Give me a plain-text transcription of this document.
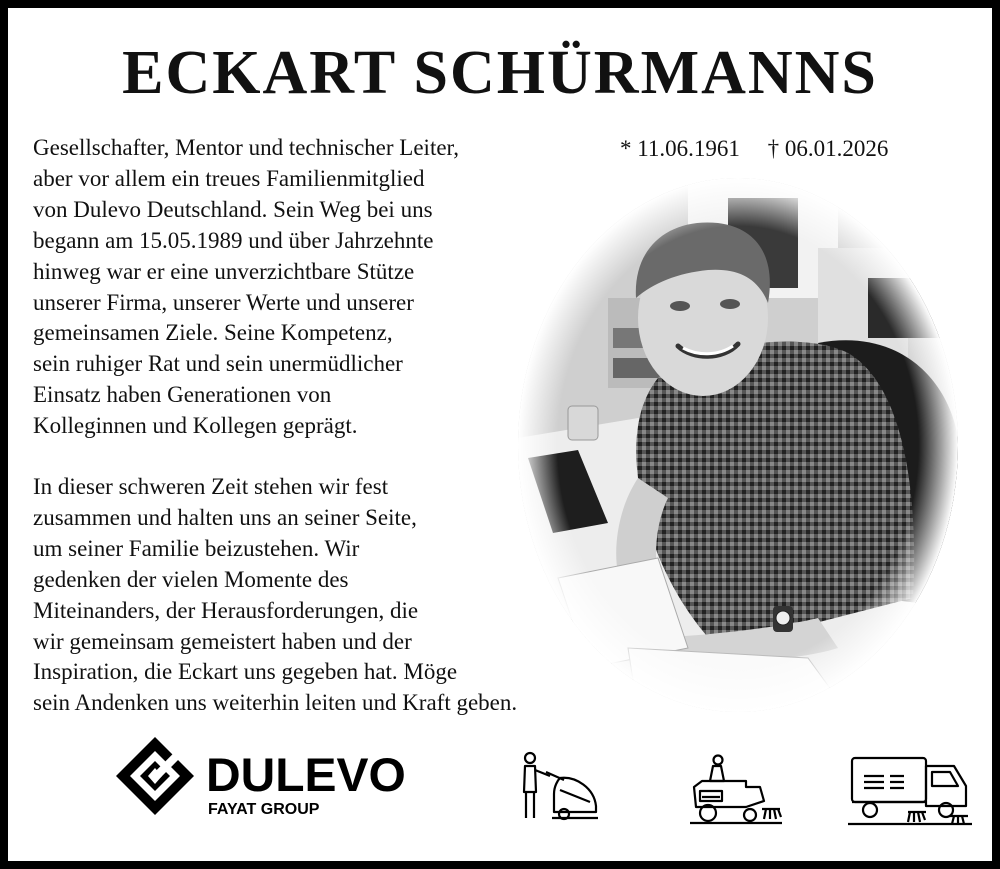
ECKART SCHÜRMANNS
* 11.06.1961 † 06.01.2026

Gesellschafter, Mentor und technischer Leiter,
aber vor allem ein treues Familienmitglied
von Dulevo Deutschland. Sein Weg bei uns
begann am 15.05.1989 und über Jahrzehnte
hinweg war er eine unverzichtbare Stütze
unserer Firma, unserer Werte und unserer
gemeinsamen Ziele. Seine Kompetenz,
sein ruhiger Rat und sein unermüdlicher
Einsatz haben Generationen von
Kolleginnen und Kollegen geprägt.

In dieser schweren Zeit stehen wir fest
zusammen und halten uns an seiner Seite,
um seiner Familie beizustehen. Wir
gedenken der vielen Momente des
Miteinanders, der Herausforderungen, die
wir gemeinsam gemeistert haben und der
Inspiration, die Eckart uns gegeben hat. Möge
sein Andenken uns weiterhin leiten und Kraft geben.

DULEVO
FAYAT GROUP
